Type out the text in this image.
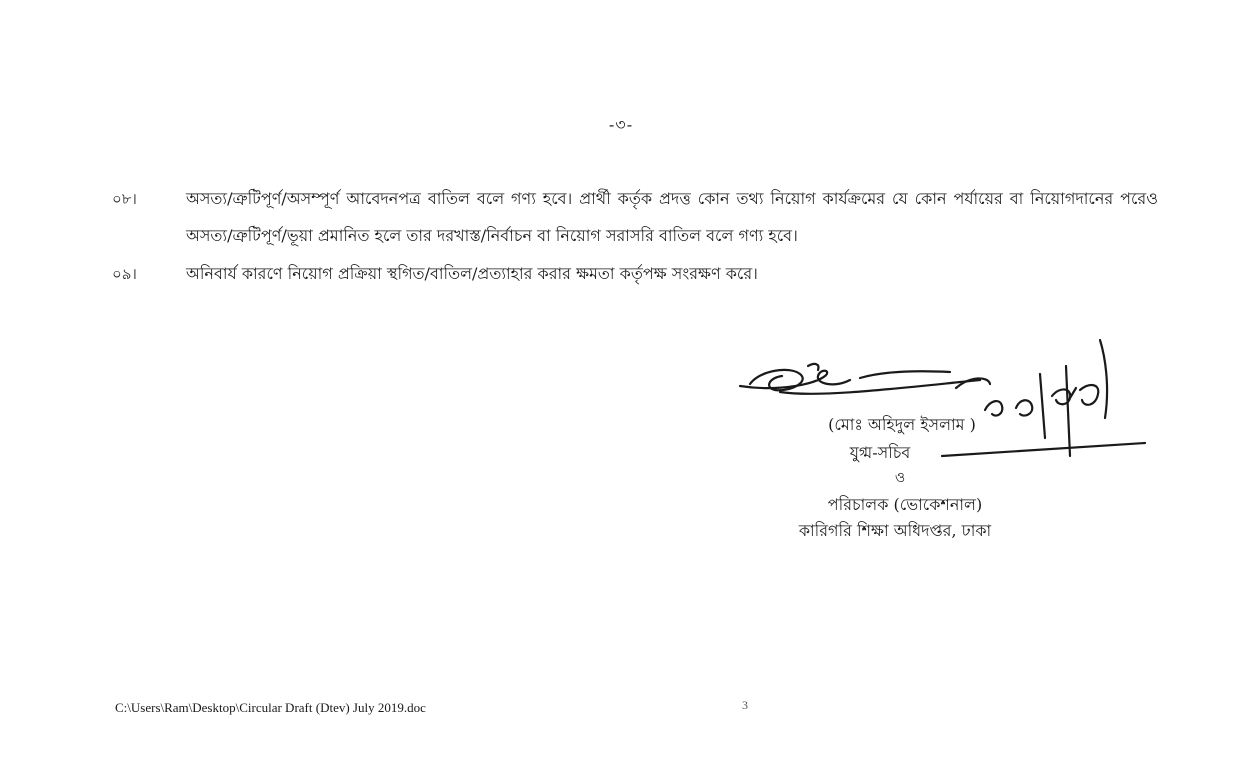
-৩-
০৮।	অসত্য/ত্রুটিপূর্ণ/অসম্পূর্ণ আবেদনপত্র বাতিল বলে গণ্য হবে। প্রার্থী কর্তৃক প্রদত্ত কোন তথ্য নিয়োগ কার্যক্রমের যে কোন পর্যায়ের বা নিয়োগদানের পরেও অসত্য/ত্রুটিপূর্ণ/ভূয়া প্রমানিত হলে তার দরখাস্ত/নির্বাচন বা নিয়োগ সরাসরি বাতিল বলে গণ্য হবে।
০৯।	অনিবার্য কারণে নিয়োগ প্রক্রিয়া স্থগিত/বাতিল/প্রত্যাহার করার ক্ষমতা কর্তৃপক্ষ সংরক্ষণ করে।
(মোঃ অহিদুল ইসলাম )
যুগ্ম-সচিব
ও
পরিচালক (ভোকেশনাল)
কারিগরি শিক্ষা অধিদপ্তর, ঢাকা
C:\Users\Ram\Desktop\Circular Draft (Dtev) July 2019.doc	3
